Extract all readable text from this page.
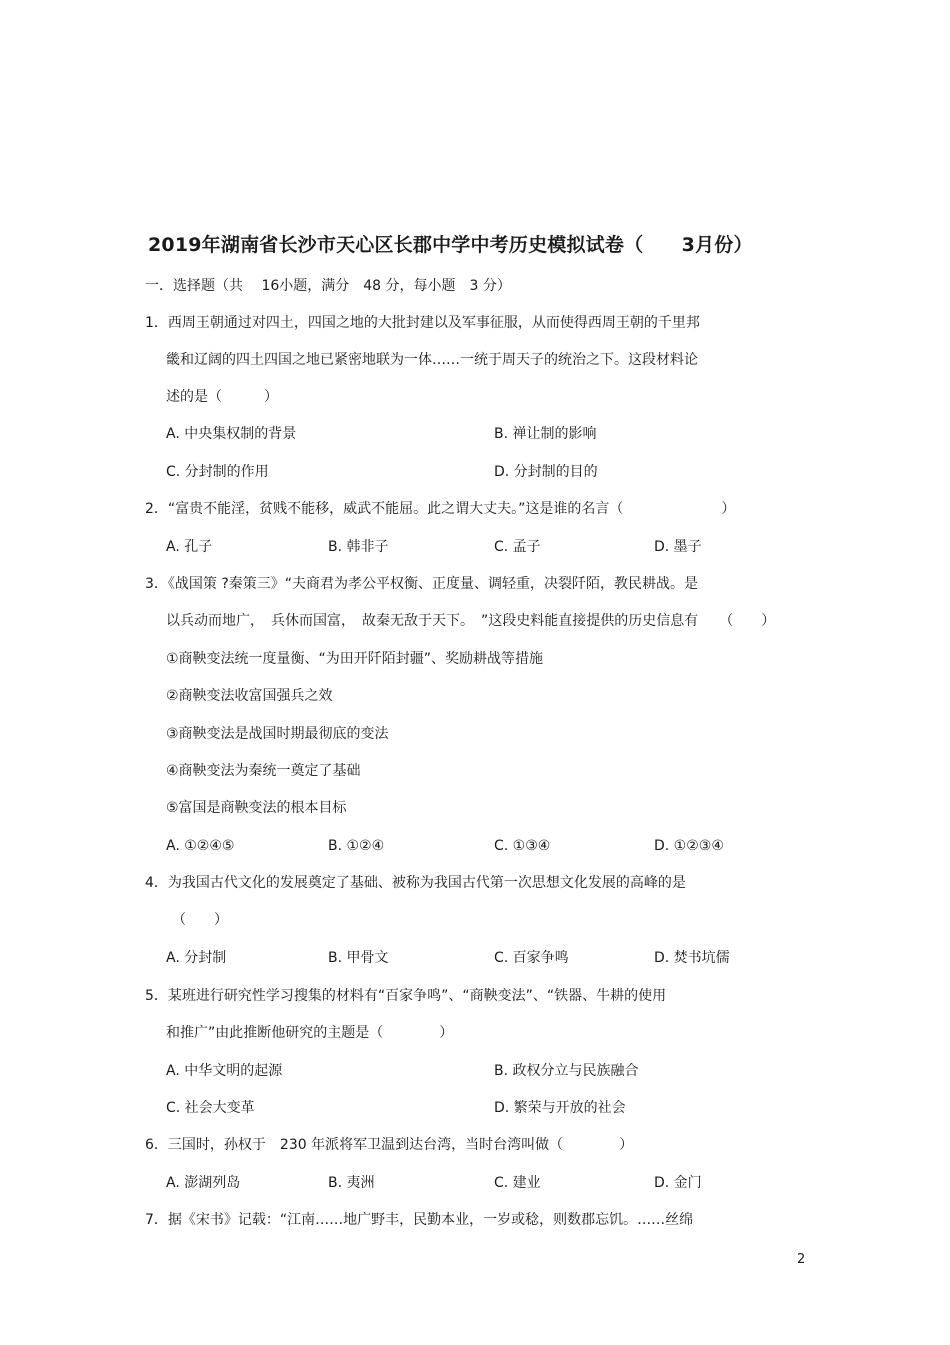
2019年湖南省长沙市天心区长郡中学中考历史模拟试卷（　　3月份）
一．选择题（共　 16小题，满分　48 分，每小题　3 分）
1．西周王朝通过对四土，四国之地的大批封建以及军事征服，从而使得西周王朝的千里邦
畿和辽阔的四土四国之地已紧密地联为一体……一统于周天子的统治之下。这段材料论
述的是（　　　）
A. 中央集权制的背景	B. 禅让制的影响
C. 分封制的作用	D. 分封制的目的
2．“富贵不能淫，贫贱不能移，威武不能屈。此之谓大丈夫。”这是谁的名言（　　　　　　　）
A. 孔子	B. 韩非子	C. 孟子	D. 墨子
3．《战国策 ?秦策三》“夫商君为孝公平权衡、正度量、调轻重，决裂阡陌，教民耕战。是
以兵动而地广，　兵休而国富，　故秦无敌于天下。　”这段史料能直接提供的历史信息有　　（　　）
①商鞅变法统一度量衡、“为田开阡陌封疆”、奖励耕战等措施
②商鞅变法收富国强兵之效
③商鞅变法是战国时期最彻底的变法
④商鞅变法为秦统一奠定了基础
⑤富国是商鞅变法的根本目标
A. ①②④⑤	B. ①②④	C. ①③④	D. ①②③④
4．为我国古代文化的发展奠定了基础、被称为我国古代第一次思想文化发展的高峰的是
（　　）
A. 分封制	B. 甲骨文	C. 百家争鸣	D. 焚书坑儒
5．某班进行研究性学习搜集的材料有“百家争鸣”、“商鞅变法”、“铁器、牛耕的使用
和推广”由此推断他研究的主题是（　　　　）
A. 中华文明的起源	B. 政权分立与民族融合
C. 社会大变革	D. 繁荣与开放的社会
6．三国时，孙权于　230 年派将军卫温到达台湾，当时台湾叫做（　　　　）
A. 澎湖列岛	B. 夷洲	C. 建业	D. 金门
7．据《宋书》记载：“江南……地广野丰，民勤本业，一岁或稔，则数郡忘饥。……丝绵
2
